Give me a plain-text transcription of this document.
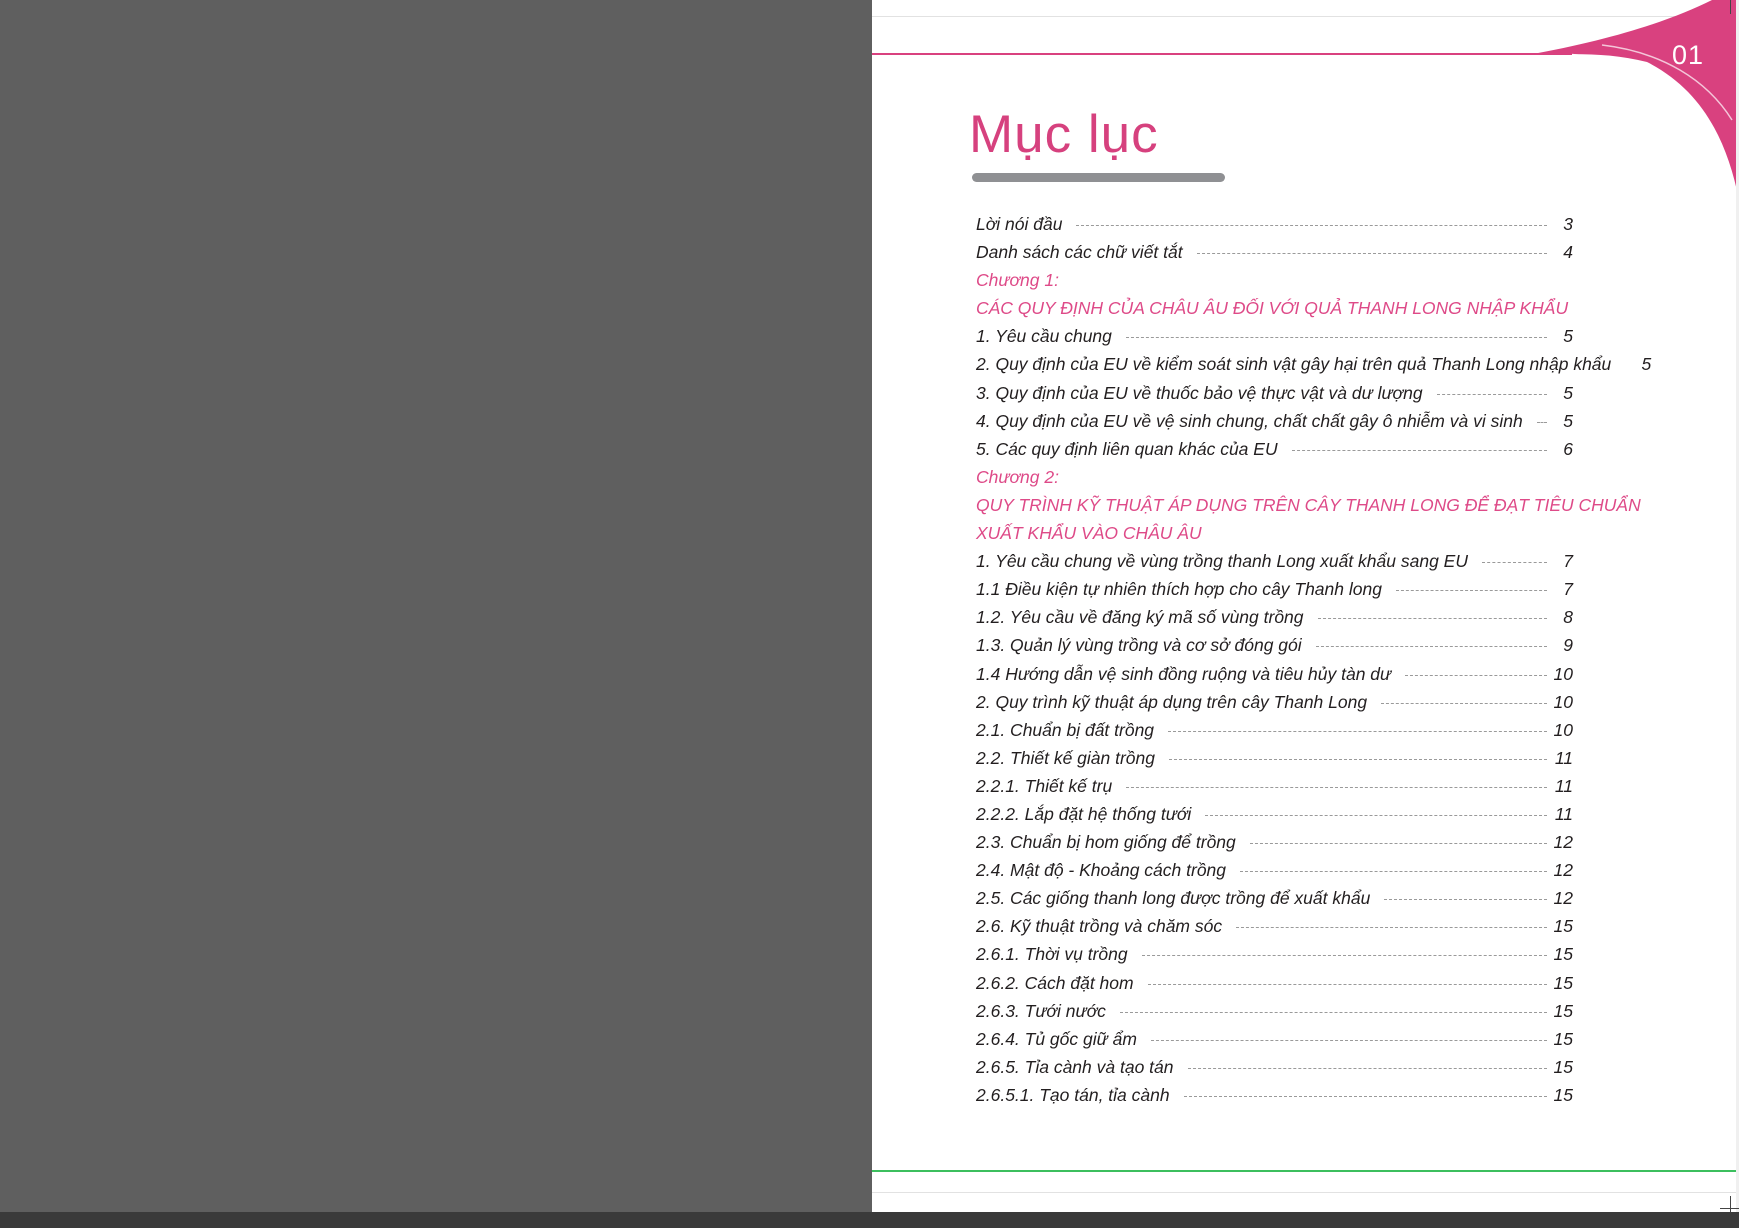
01
Mục lục
Lời nói đầu	3
Danh sách các chữ viết tắt	4
Chương 1:
CÁC QUY ĐỊNH CỦA CHÂU ÂU ĐỐI VỚI QUẢ THANH LONG NHẬP KHẨU
1. Yêu cầu chung	5
2. Quy định của EU về kiểm soát sinh vật gây hại trên quả Thanh Long nhập khẩu	5
3. Quy định của EU về thuốc bảo vệ thực vật và dư lượng	5
4. Quy định của EU về vệ sinh chung, chất chất gây ô nhiễm và vi sinh	5
5. Các quy định liên quan khác của EU	6
Chương 2:
QUY TRÌNH KỸ THUẬT ÁP DỤNG TRÊN CÂY THANH LONG ĐỂ ĐẠT TIÊU CHUẨN
XUẤT KHẨU VÀO CHÂU ÂU
1. Yêu cầu chung về vùng trồng thanh Long xuất khẩu sang EU	7
1.1 Điều kiện tự nhiên thích hợp cho cây Thanh long	7
1.2. Yêu cầu về đăng ký mã số vùng trồng	8
1.3. Quản lý vùng trồng và cơ sở đóng gói	9
1.4 Hướng dẫn vệ sinh đồng ruộng và tiêu hủy tàn dư	10
2. Quy trình kỹ thuật áp dụng trên cây Thanh Long	10
2.1. Chuẩn bị đất trồng	10
2.2. Thiết kế giàn trồng	11
2.2.1. Thiết kế trụ	11
2.2.2. Lắp đặt hệ thống tưới	11
2.3. Chuẩn bị hom giống để trồng	12
2.4. Mật độ - Khoảng cách trồng	12
2.5. Các giống thanh long được trồng để xuất khẩu	12
2.6. Kỹ thuật trồng và chăm sóc	15
2.6.1. Thời vụ trồng	15
2.6.2. Cách đặt hom	15
2.6.3. Tưới nước	15
2.6.4. Tủ gốc giữ ẩm	15
2.6.5. Tỉa cành và tạo tán	15
2.6.5.1. Tạo tán, tỉa cành	15
